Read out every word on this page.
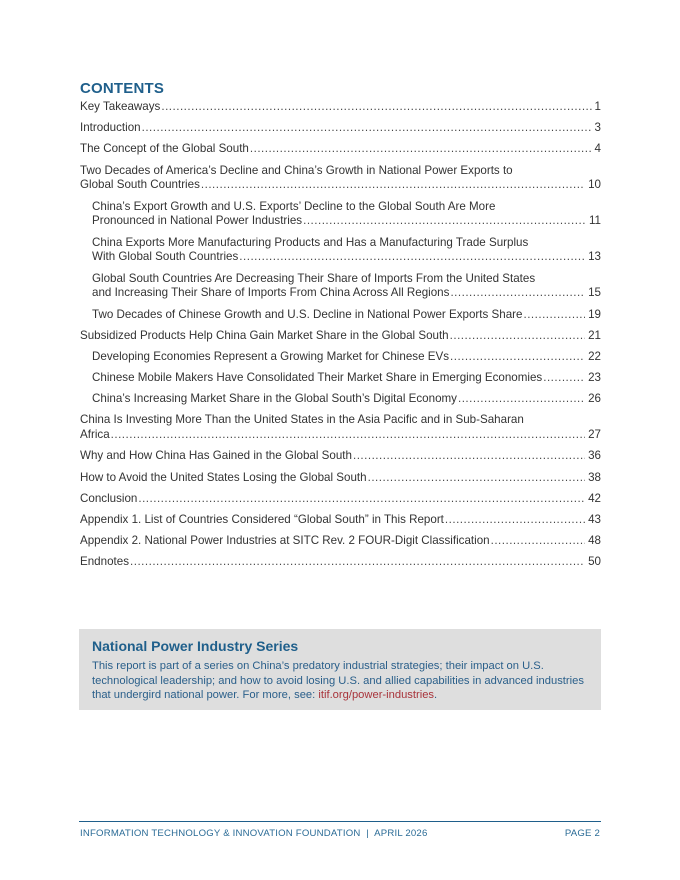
CONTENTS
Key Takeaways .....	1
Introduction .....	3
The Concept of the Global South .....	4
Two Decades of America’s Decline and China’s Growth in National Power Exports to
Global South Countries .....	10
China’s Export Growth and U.S. Exports’ Decline to the Global South Are More
Pronounced in National Power Industries .....	11
China Exports More Manufacturing Products and Has a Manufacturing Trade Surplus
With Global South Countries .....	13
Global South Countries Are Decreasing Their Share of Imports From the United States
and Increasing Their Share of Imports From China Across All Regions .....	15
Two Decades of Chinese Growth and U.S. Decline in National Power Exports Share .....	19
Subsidized Products Help China Gain Market Share in the Global South .....	21
Developing Economies Represent a Growing Market for Chinese EVs .....	22
Chinese Mobile Makers Have Consolidated Their Market Share in Emerging Economies .....	23
China’s Increasing Market Share in the Global South’s Digital Economy .....	26
China Is Investing More Than the United States in the Asia Pacific and in Sub-Saharan
Africa .....	27
Why and How China Has Gained in the Global South .....	36
How to Avoid the United States Losing the Global South .....	38
Conclusion .....	42
Appendix 1. List of Countries Considered “Global South” in This Report .....	43
Appendix 2. National Power Industries at SITC Rev. 2 FOUR-Digit Classification .....	48
Endnotes .....	50
National Power Industry Series
This report is part of a series on China’s predatory industrial strategies; their impact on U.S. technological leadership; and how to avoid losing U.S. and allied capabilities in advanced industries that undergird national power. For more, see: itif.org/power-industries.
INFORMATION TECHNOLOGY & INNOVATION FOUNDATION  |  APRIL 2026	PAGE 2
